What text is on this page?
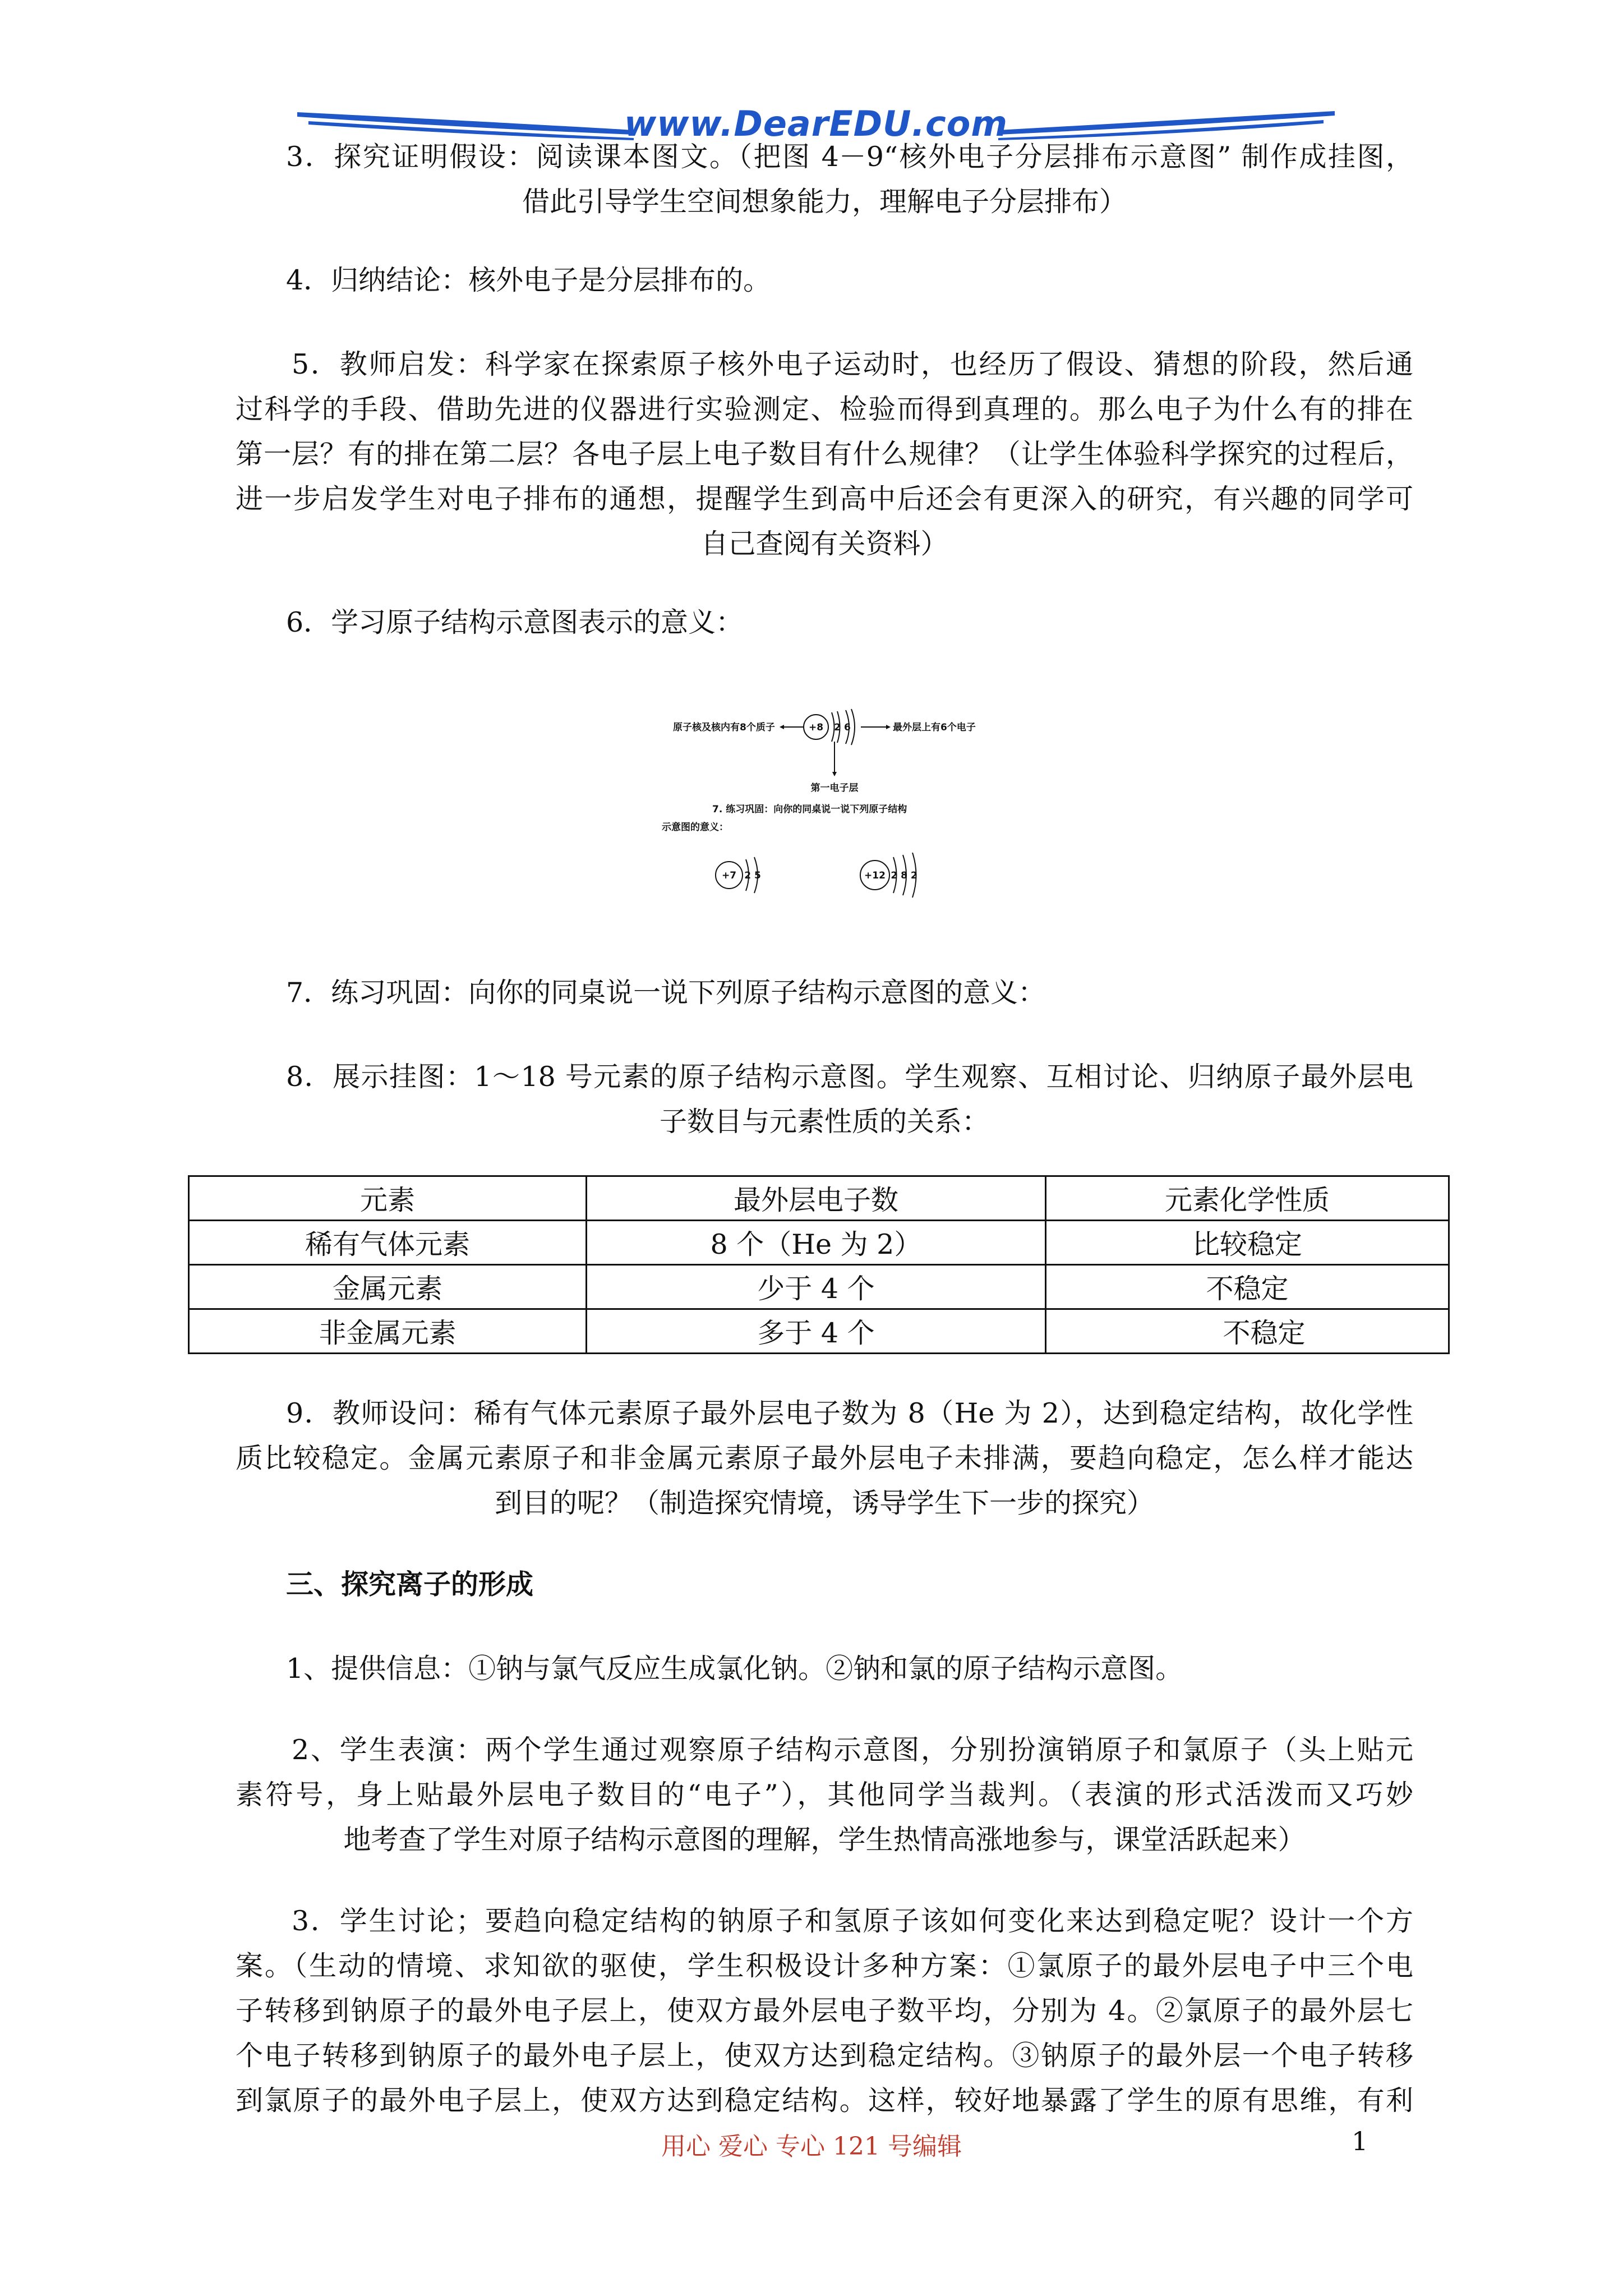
www.DearEDU.com

3．探究证明假设：阅读课本图文。（把图 4－9“核外电子分层排布示意图” 制作成挂图，
借此引导学生空间想象能力，理解电子分层排布）

4．归纳结论：核外电子是分层排布的。

5．教师启发：科学家在探索原子核外电子运动时，也经历了假设、猜想的阶段，然后通
过科学的手段、借助先进的仪器进行实验测定、检验而得到真理的。那么电子为什么有的排在
第一层？有的排在第二层？各电子层上电子数目有什么规律？（让学生体验科学探究的过程后，
进一步启发学生对电子排布的通想，提醒学生到高中后还会有更深入的研究，有兴趣的同学可
自己查阅有关资料）

6．学习原子结构示意图表示的意义：

原子核及核内有8个质子	+8 2 6	最外层上有6个电子
第一电子层
7. 练习巩固：向你的同桌说一说下列原子结构
示意图的意义：
+7 2 5	+12 2 8 2

7．练习巩固：向你的同桌说一说下列原子结构示意图的意义：

8．展示挂图：1～18 号元素的原子结构示意图。学生观察、互相讨论、归纳原子最外层电
子数目与元素性质的关系：

元素	最外层电子数	元素化学性质
稀有气体元素	8 个（He 为 2）	比较稳定
金属元素	少于 4 个	不稳定
非金属元素	多于 4 个	不稳定

9．教师设问：稀有气体元素原子最外层电子数为 8（He 为 2），达到稳定结构，故化学性
质比较稳定。金属元素原子和非金属元素原子最外层电子未排满，要趋向稳定，怎么样才能达
到目的呢？（制造探究情境，诱导学生下一步的探究）

三、探究离子的形成

1、提供信息：①钠与氯气反应生成氯化钠。②钠和氯的原子结构示意图。

2、学生表演：两个学生通过观察原子结构示意图，分别扮演销原子和氯原子（头上贴元
素符号，身上贴最外层电子数目的“电子”），其他同学当裁判。（表演的形式活泼而又巧妙
地考查了学生对原子结构示意图的理解，学生热情高涨地参与，课堂活跃起来）

3．学生讨论；要趋向稳定结构的钠原子和氢原子该如何变化来达到稳定呢？设计一个方
案。（生动的情境、求知欲的驱使，学生积极设计多种方案：①氯原子的最外层电子中三个电
子转移到钠原子的最外电子层上，使双方最外层电子数平均，分别为 4。②氯原子的最外层七
个电子转移到钠原子的最外电子层上，使双方达到稳定结构。③钠原子的最外层一个电子转移
到氯原子的最外电子层上，使双方达到稳定结构。这样，较好地暴露了学生的原有思维，有利

用心 爱心 专心 121 号编辑	1
